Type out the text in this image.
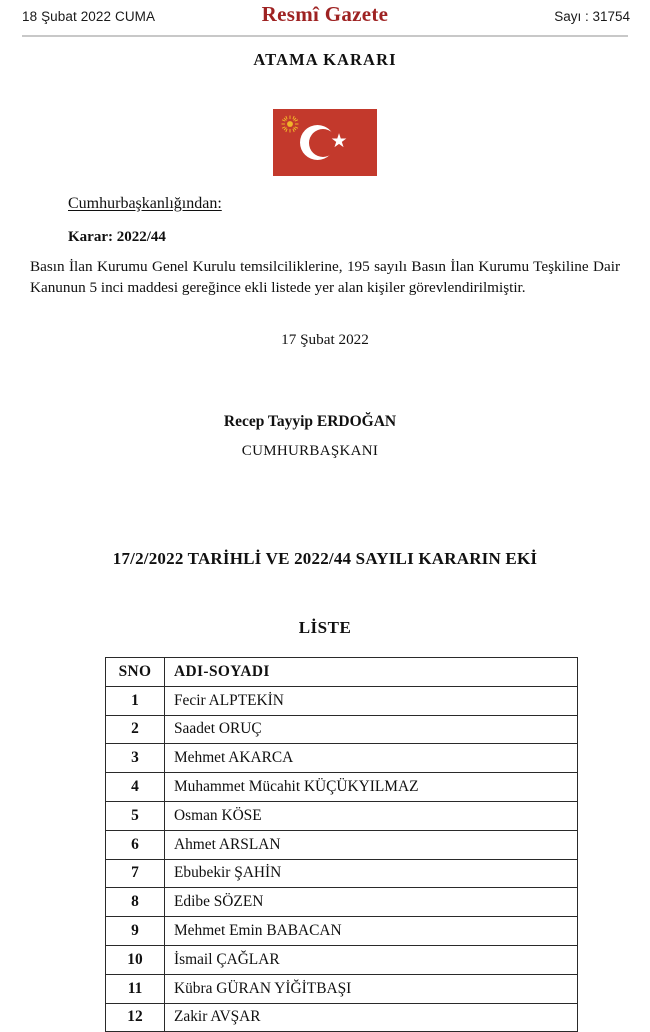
18 Şubat 2022 CUMA	Resmî Gazete	Sayı : 31754
ATAMA KARARI
★
Cumhurbaşkanlığından:
Karar: 2022/44
Basın İlan Kurumu Genel Kurulu temsilciliklerine, 195 sayılı Basın İlan Kurumu Teşkiline Dair Kanunun 5 inci maddesi gereğince ekli listede yer alan kişiler görevlendirilmiştir.
17 Şubat 2022
Recep Tayyip ERDOĞAN
CUMHURBAŞKANI
17/2/2022 TARİHLİ VE 2022/44 SAYILI KARARIN EKİ
LİSTE
SNO	ADI-SOYADI
1	Fecir ALPTEKİN
2	Saadet ORUÇ
3	Mehmet AKARCA
4	Muhammet Mücahit KÜÇÜKYILMAZ
5	Osman KÖSE
6	Ahmet ARSLAN
7	Ebubekir ŞAHİN
8	Edibe SÖZEN
9	Mehmet Emin BABACAN
10	İsmail ÇAĞLAR
11	Kübra GÜRAN YİĞİTBAŞI
12	Zakir AVŞAR
